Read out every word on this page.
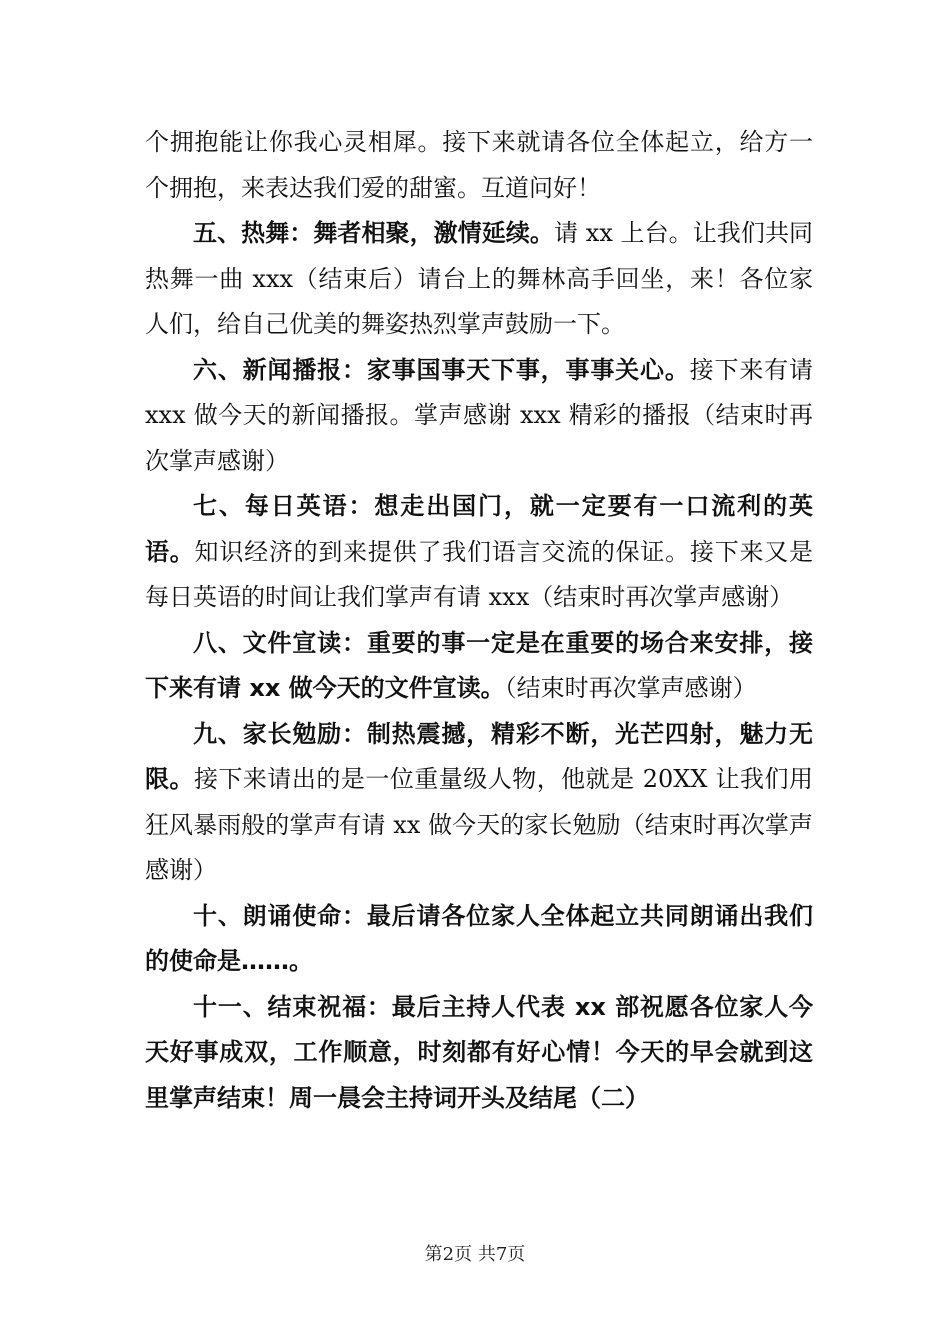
个拥抱能让你我心灵相犀。接下来就请各位全体起立，给方一个拥抱，来表达我们爱的甜蜜。互道问好！

五、热舞：舞者相聚，激情延续。请 xx 上台。让我们共同热舞一曲 xxx（结束后）请台上的舞林高手回坐，来！各位家人们，给自己优美的舞姿热烈掌声鼓励一下。

六、新闻播报：家事国事天下事，事事关心。接下来有请 xxx 做今天的新闻播报。掌声感谢 xxx 精彩的播报（结束时再次掌声感谢）

七、每日英语：想走出国门，就一定要有一口流利的英语。知识经济的到来提供了我们语言交流的保证。接下来又是每日英语的时间让我们掌声有请 xxx（结束时再次掌声感谢）

八、文件宣读：重要的事一定是在重要的场合来安排，接下来有请 xx 做今天的文件宣读。（结束时再次掌声感谢）

九、家长勉励：制热震撼，精彩不断，光芒四射，魅力无限。接下来请出的是一位重量级人物，他就是 20XX 让我们用狂风暴雨般的掌声有请 xx 做今天的家长勉励（结束时再次掌声感谢）

十、朗诵使命：最后请各位家人全体起立共同朗诵出我们的使命是……。

十一、结束祝福：最后主持人代表 xx 部祝愿各位家人今天好事成双，工作顺意，时刻都有好心情！今天的早会就到这里掌声结束！周一晨会主持词开头及结尾（二）

第2页 共7页
